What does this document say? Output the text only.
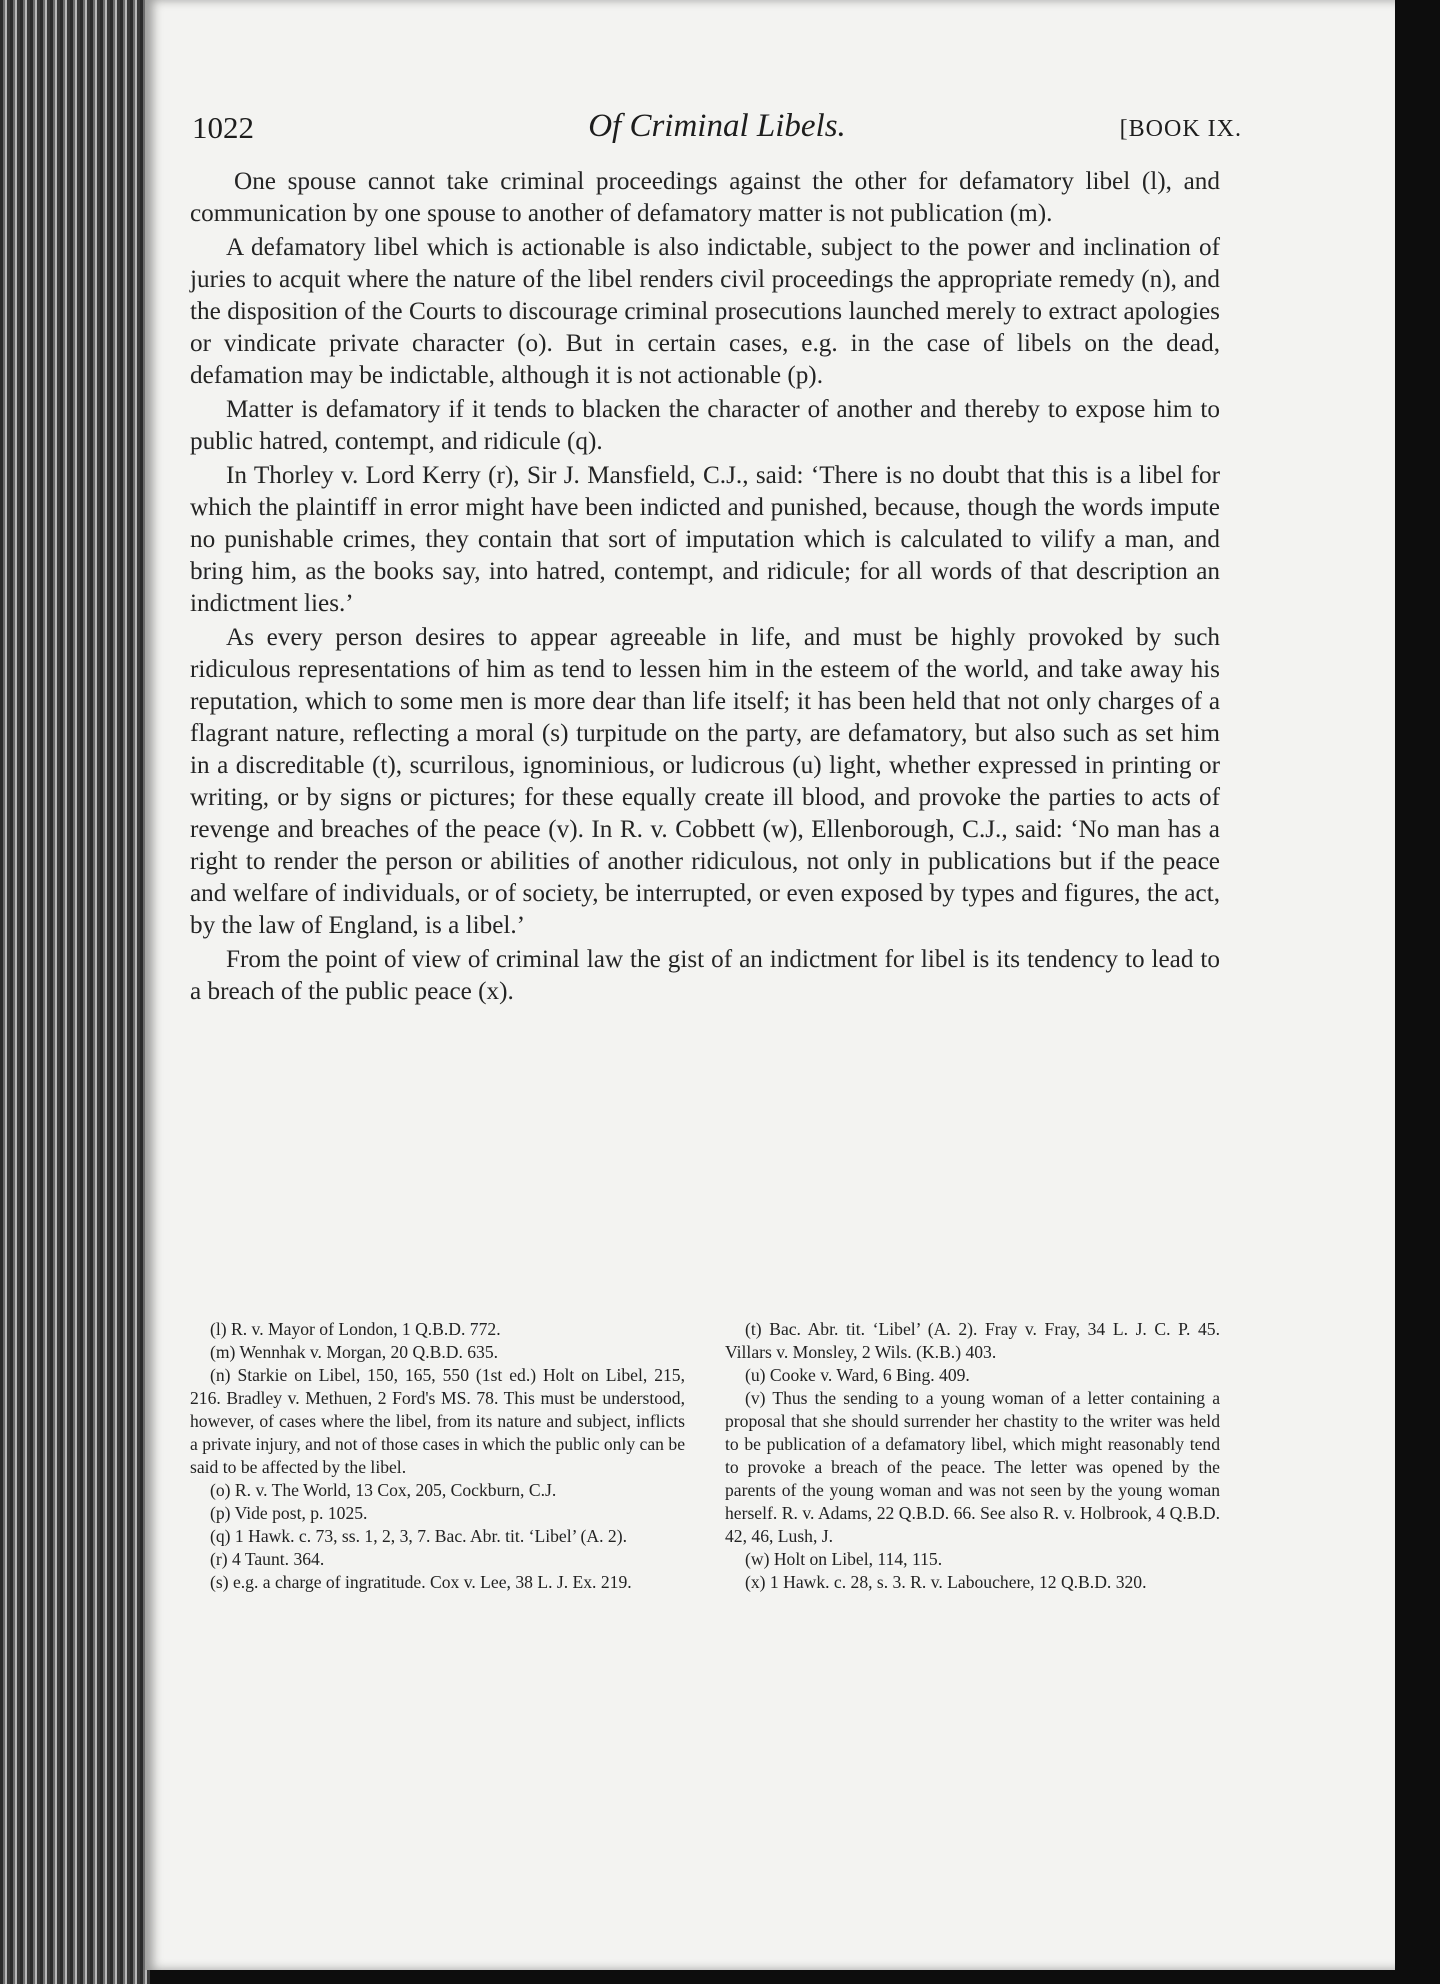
1022	Of Criminal Libels.	[BOOK IX.

One spouse cannot take criminal proceedings against the other for defamatory libel (l), and communication by one spouse to another of defamatory matter is not publication (m).

A defamatory libel which is actionable is also indictable, subject to the power and inclination of juries to acquit where the nature of the libel renders civil proceedings the appropriate remedy (n), and the disposition of the Courts to discourage criminal prosecutions launched merely to extract apologies or vindicate private character (o). But in certain cases, e.g. in the case of libels on the dead, defamation may be indictable, although it is not actionable (p).

Matter is defamatory if it tends to blacken the character of another and thereby to expose him to public hatred, contempt, and ridicule (q).

In Thorley v. Lord Kerry (r), Sir J. Mansfield, C.J., said: ‘There is no doubt that this is a libel for which the plaintiff in error might have been indicted and punished, because, though the words impute no punishable crimes, they contain that sort of imputation which is calculated to vilify a man, and bring him, as the books say, into hatred, contempt, and ridicule; for all words of that description an indictment lies.’

As every person desires to appear agreeable in life, and must be highly provoked by such ridiculous representations of him as tend to lessen him in the esteem of the world, and take away his reputation, which to some men is more dear than life itself; it has been held that not only charges of a flagrant nature, reflecting a moral (s) turpitude on the party, are defamatory, but also such as set him in a discreditable (t), scurrilous, ignominious, or ludicrous (u) light, whether expressed in printing or writing, or by signs or pictures; for these equally create ill blood, and provoke the parties to acts of revenge and breaches of the peace (v). In R. v. Cobbett (w), Ellenborough, C.J., said: ‘No man has a right to render the person or abilities of another ridiculous, not only in publications but if the peace and welfare of individuals, or of society, be interrupted, or even exposed by types and figures, the act, by the law of England, is a libel.’

From the point of view of criminal law the gist of an indictment for libel is its tendency to lead to a breach of the public peace (x).

(l) R. v. Mayor of London, 1 Q.B.D. 772.

(m) Wennhak v. Morgan, 20 Q.B.D. 635.

(n) Starkie on Libel, 150, 165, 550 (1st ed.) Holt on Libel, 215, 216. Bradley v. Methuen, 2 Ford's MS. 78. This must be understood, however, of cases where the libel, from its nature and subject, inflicts a private injury, and not of those cases in which the public only can be said to be affected by the libel.

(o) R. v. The World, 13 Cox, 205, Cockburn, C.J.

(p) Vide post, p. 1025.

(q) 1 Hawk. c. 73, ss. 1, 2, 3, 7. Bac. Abr. tit. ‘Libel’ (A. 2).

(r) 4 Taunt. 364.

(s) e.g. a charge of ingratitude. Cox v. Lee, 38 L. J. Ex. 219.

(t) Bac. Abr. tit. ‘Libel’ (A. 2). Fray v. Fray, 34 L. J. C. P. 45. Villars v. Monsley, 2 Wils. (K.B.) 403.

(u) Cooke v. Ward, 6 Bing. 409.

(v) Thus the sending to a young woman of a letter containing a proposal that she should surrender her chastity to the writer was held to be publication of a defamatory libel, which might reasonably tend to provoke a breach of the peace. The letter was opened by the parents of the young woman and was not seen by the young woman herself. R. v. Adams, 22 Q.B.D. 66. See also R. v. Holbrook, 4 Q.B.D. 42, 46, Lush, J.

(w) Holt on Libel, 114, 115.

(x) 1 Hawk. c. 28, s. 3. R. v. Labouchere, 12 Q.B.D. 320.
